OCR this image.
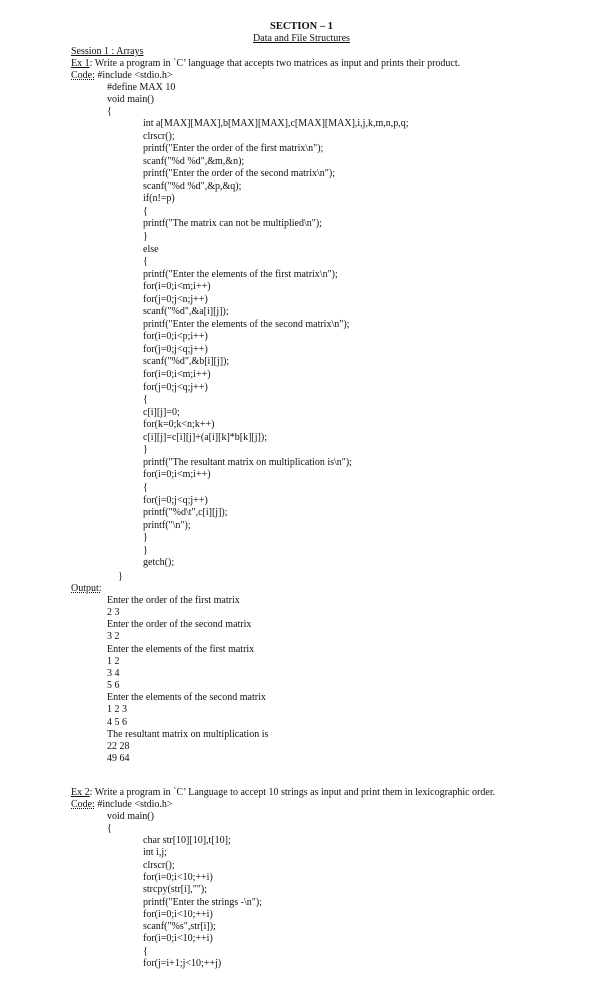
SECTION – 1
Data and File Structures
Session 1 : Arrays
Ex 1: Write a program in `C’ language that accepts two matrices as input and prints their product.
Code: #include <stdio.h>
#define MAX 10
void main()
{
int a[MAX][MAX],b[MAX][MAX],c[MAX][MAX],i,j,k,m,n,p,q;
clrscr();
printf("Enter the order of the first matrix\n");
scanf("%d %d",&m,&n);
printf("Enter the order of the second matrix\n");
scanf("%d %d",&p,&q);
if(n!=p)
{
printf("The matrix can not be multiplied\n");
}
else
{
printf("Enter the elements of the first matrix\n");
for(i=0;i<m;i++)
for(j=0;j<n;j++)
scanf("%d",&a[i][j]);
printf("Enter the elements of the second matrix\n");
for(i=0;i<p;i++)
for(j=0;j<q;j++)
scanf("%d",&b[i][j]);
for(i=0;i<m;i++)
for(j=0;j<q;j++)
{
c[i][j]=0;
for(k=0;k<n;k++)
c[i][j]=c[i][j]+(a[i][k]*b[k][j]);
}
printf("The resultant matrix on multiplication is\n");
for(i=0;i<m;i++)
{
for(j=0;j<q;j++)
printf("%d\t",c[i][j]);
printf("\n");
}
}
getch();
}
Output:
Enter the order of the first matrix
2 3
Enter the order of the second matrix
3 2
Enter the elements of the first matrix
1 2
3 4
5 6
Enter the elements of the second matrix
1 2 3
4 5 6
The resultant matrix on multiplication is
22 28
49 64
Ex 2: Write a program in `C’ Language to accept 10 strings as input and print them in lexicographic order.
Code: #include <stdio.h>
void main()
{
char str[10][10],t[10];
int i,j;
clrscr();
for(i=0;i<10;++i)
strcpy(str[i],"");
printf("Enter the strings -\n");
for(i=0;i<10;++i)
scanf("%s",str[i]);
for(i=0;i<10;++i)
{
for(j=i+1;j<10;++j)
